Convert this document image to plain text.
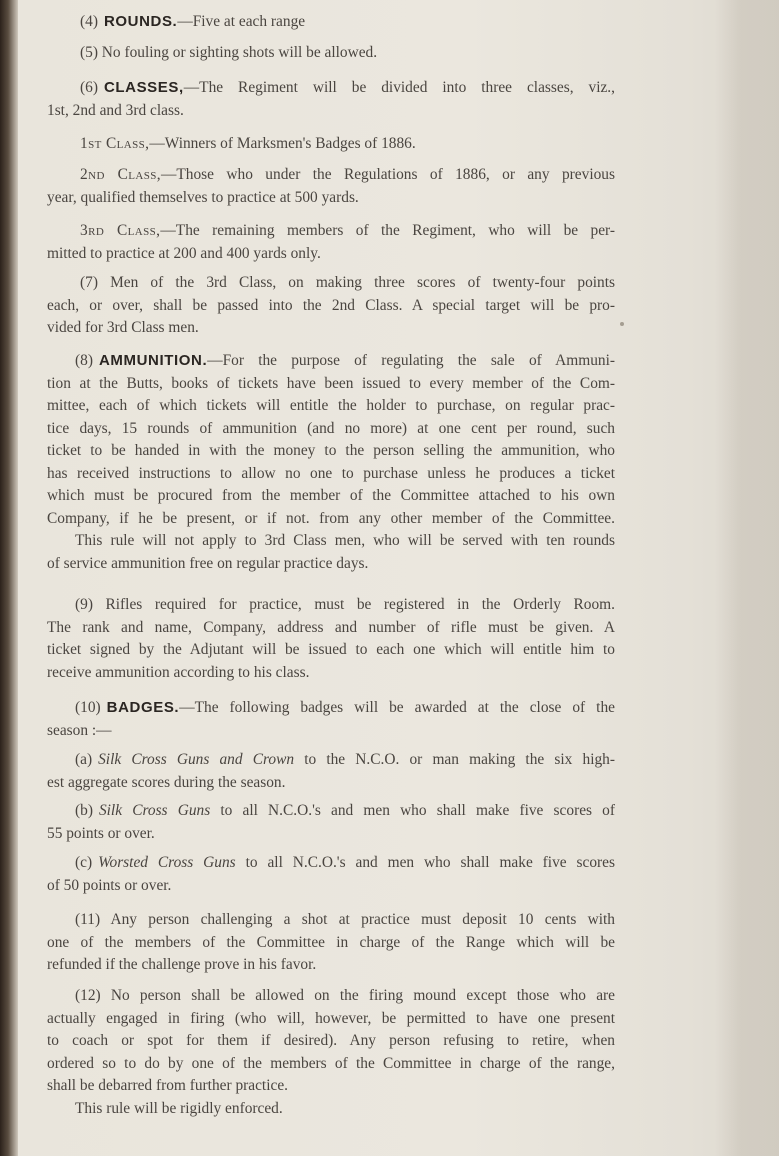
(4) ROUNDS.—Five at each range
(5) No fouling or sighting shots will be allowed.
(6) CLASSES,—The Regiment will be divided into three classes, viz.,
1st, 2nd and 3rd class.
1st Class,—Winners of Marksmen's Badges of 1886.
2nd Class,—Those who under the Regulations of 1886, or any previous
year, qualified themselves to practice at 500 yards.
3rd Class,—The remaining members of the Regiment, who will be per-
mitted to practice at 200 and 400 yards only.
(7) Men of the 3rd Class, on making three scores of twenty-four points
each, or over, shall be passed into the 2nd Class. A special target will be pro-
vided for 3rd Class men.
(8) AMMUNITION.—For the purpose of regulating the sale of Ammuni-
tion at the Butts, books of tickets have been issued to every member of the Com-
mittee, each of which tickets will entitle the holder to purchase, on regular prac-
tice days, 15 rounds of ammunition (and no more) at one cent per round, such
ticket to be handed in with the money to the person selling the ammunition, who
has received instructions to allow no one to purchase unless he produces a ticket
which must be procured from the member of the Committee attached to his own
Company, if he be present, or if not. from any other member of the Committee.
This rule will not apply to 3rd Class men, who will be served with ten rounds
of service ammunition free on regular practice days.
(9) Rifles required for practice, must be registered in the Orderly Room.
The rank and name, Company, address and number of rifle must be given. A
ticket signed by the Adjutant will be issued to each one which will entitle him to
receive ammunition according to his class.
(10) BADGES.—The following badges will be awarded at the close of the
season :—
(a) Silk Cross Guns and Crown to the N.C.O. or man making the six high-
est aggregate scores during the season.
(b) Silk Cross Guns to all N.C.O.'s and men who shall make five scores of
55 points or over.
(c) Worsted Cross Guns to all N.C.O.'s and men who shall make five scores
of 50 points or over.
(11) Any person challenging a shot at practice must deposit 10 cents with
one of the members of the Committee in charge of the Range which will be
refunded if the challenge prove in his favor.
(12) No person shall be allowed on the firing mound except those who are
actually engaged in firing (who will, however, be permitted to have one present
to coach or spot for them if desired). Any person refusing to retire, when
ordered so to do by one of the members of the Committee in charge of the range,
shall be debarred from further practice.
This rule will be rigidly enforced.
